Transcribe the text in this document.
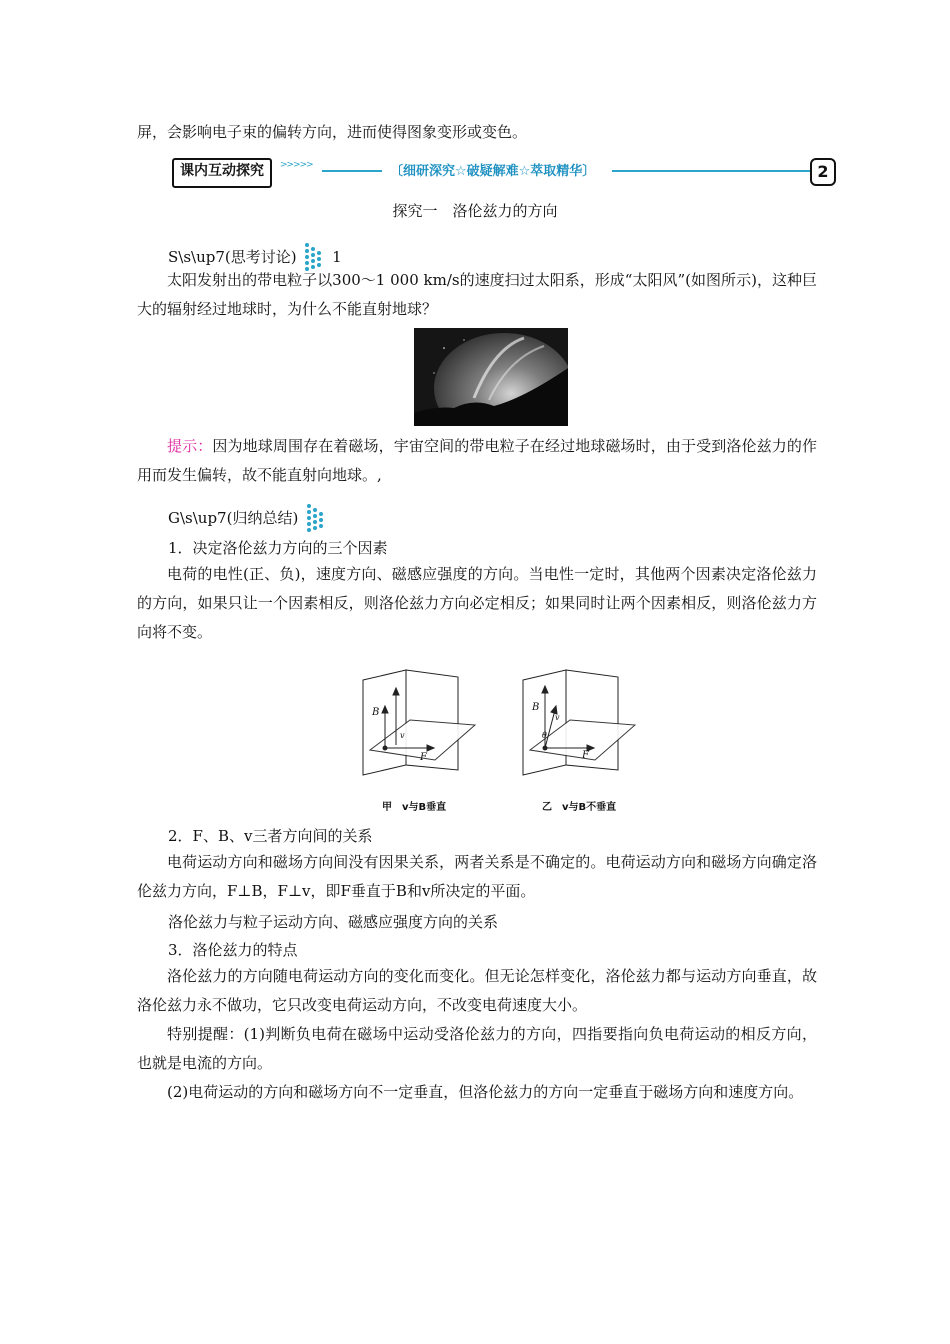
屏，会影响电子束的偏转方向，进而使得图象变形或变色。
课内互动探究	>>>>>	〔细研深究☆破疑解难☆萃取精华〕	2
探究一　洛伦兹力的方向
S\s\up7(思考讨论) 1
太阳发射出的带电粒子以300～1 000 km/s的速度扫过太阳系，形成“太阳风”(如图所示)，这种巨大的辐射经过地球时，为什么不能直射地球？
提示：因为地球周围存在着磁场，宇宙空间的带电粒子在经过地球磁场时，由于受到洛伦兹力的作用而发生偏转，故不能直射向地球。,
G\s\up7(归纳总结)
1．决定洛伦兹力方向的三个因素
电荷的电性(正、负)，速度方向、磁感应强度的方向。当电性一定时，其他两个因素决定洛伦兹力的方向，如果只让一个因素相反，则洛伦兹力方向必定相反；如果同时让两个因素相反，则洛伦兹力方向将不变。
B
F
v
B
F
v
θ
甲　v与B垂直	乙　v与B不垂直
2．F、B、v三者方向间的关系
电荷运动方向和磁场方向间没有因果关系，两者关系是不确定的。电荷运动方向和磁场方向确定洛伦兹力方向，F⊥B，F⊥v，即F垂直于B和v所决定的平面。
洛伦兹力与粒子运动方向、磁感应强度方向的关系
3．洛伦兹力的特点
洛伦兹力的方向随电荷运动方向的变化而变化。但无论怎样变化，洛伦兹力都与运动方向垂直，故洛伦兹力永不做功，它只改变电荷运动方向，不改变电荷速度大小。
特别提醒：(1)判断负电荷在磁场中运动受洛伦兹力的方向，四指要指向负电荷运动的相反方向，也就是电流的方向。
(2)电荷运动的方向和磁场方向不一定垂直，但洛伦兹力的方向一定垂直于磁场方向和速度方向。
